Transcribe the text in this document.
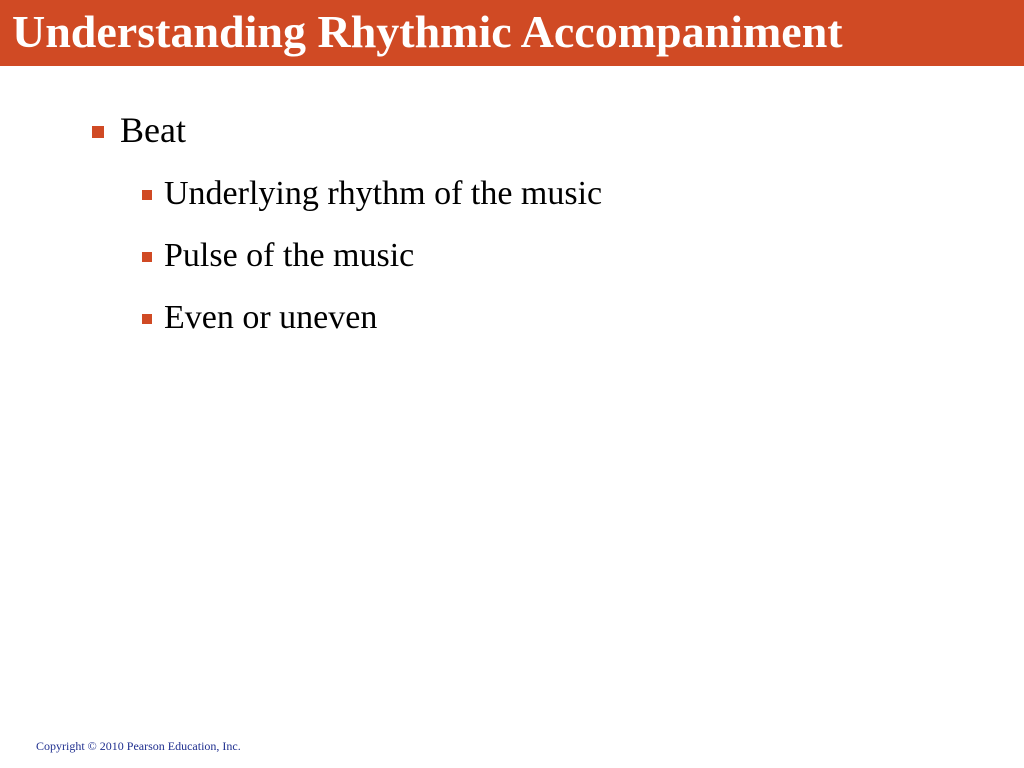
Understanding Rhythmic Accompaniment
Beat
Underlying rhythm of the music
Pulse of the music
Even or uneven
Copyright © 2010 Pearson Education, Inc.
